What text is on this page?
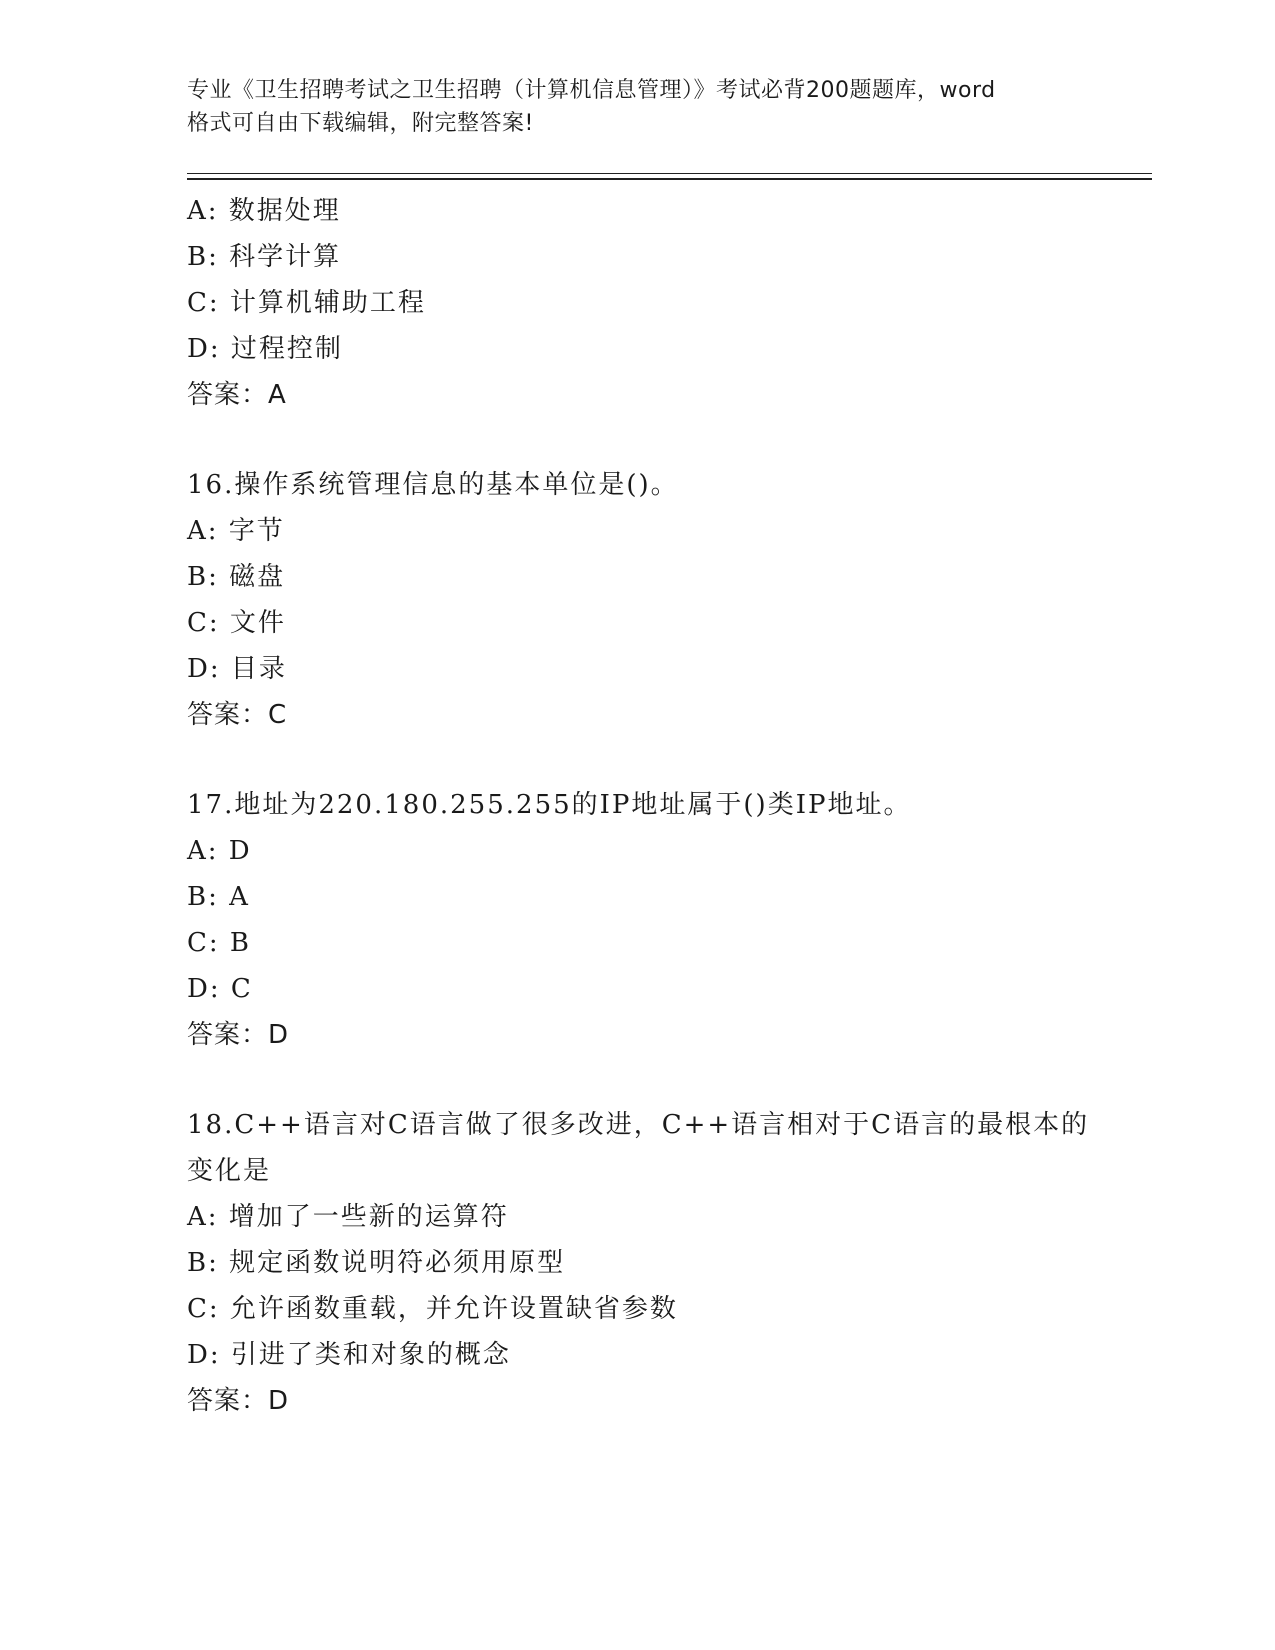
专业《卫生招聘考试之卫生招聘（计算机信息管理）》考试必背200题题库，word
格式可自由下载编辑，附完整答案!
A: 数据处理
B: 科学计算
C: 计算机辅助工程
D: 过程控制
答案：A
16.操作系统管理信息的基本单位是()。
A: 字节
B: 磁盘
C: 文件
D: 目录
答案：C
17.地址为220.180.255.255的IP地址属于()类IP地址。
A: D
B: A
C: B
D: C
答案：D
18.C++语言对C语言做了很多改进，C++语言相对于C语言的最根本的
变化是
A: 增加了一些新的运算符
B: 规定函数说明符必须用原型
C: 允许函数重载，并允许设置缺省参数
D: 引进了类和对象的概念
答案：D
